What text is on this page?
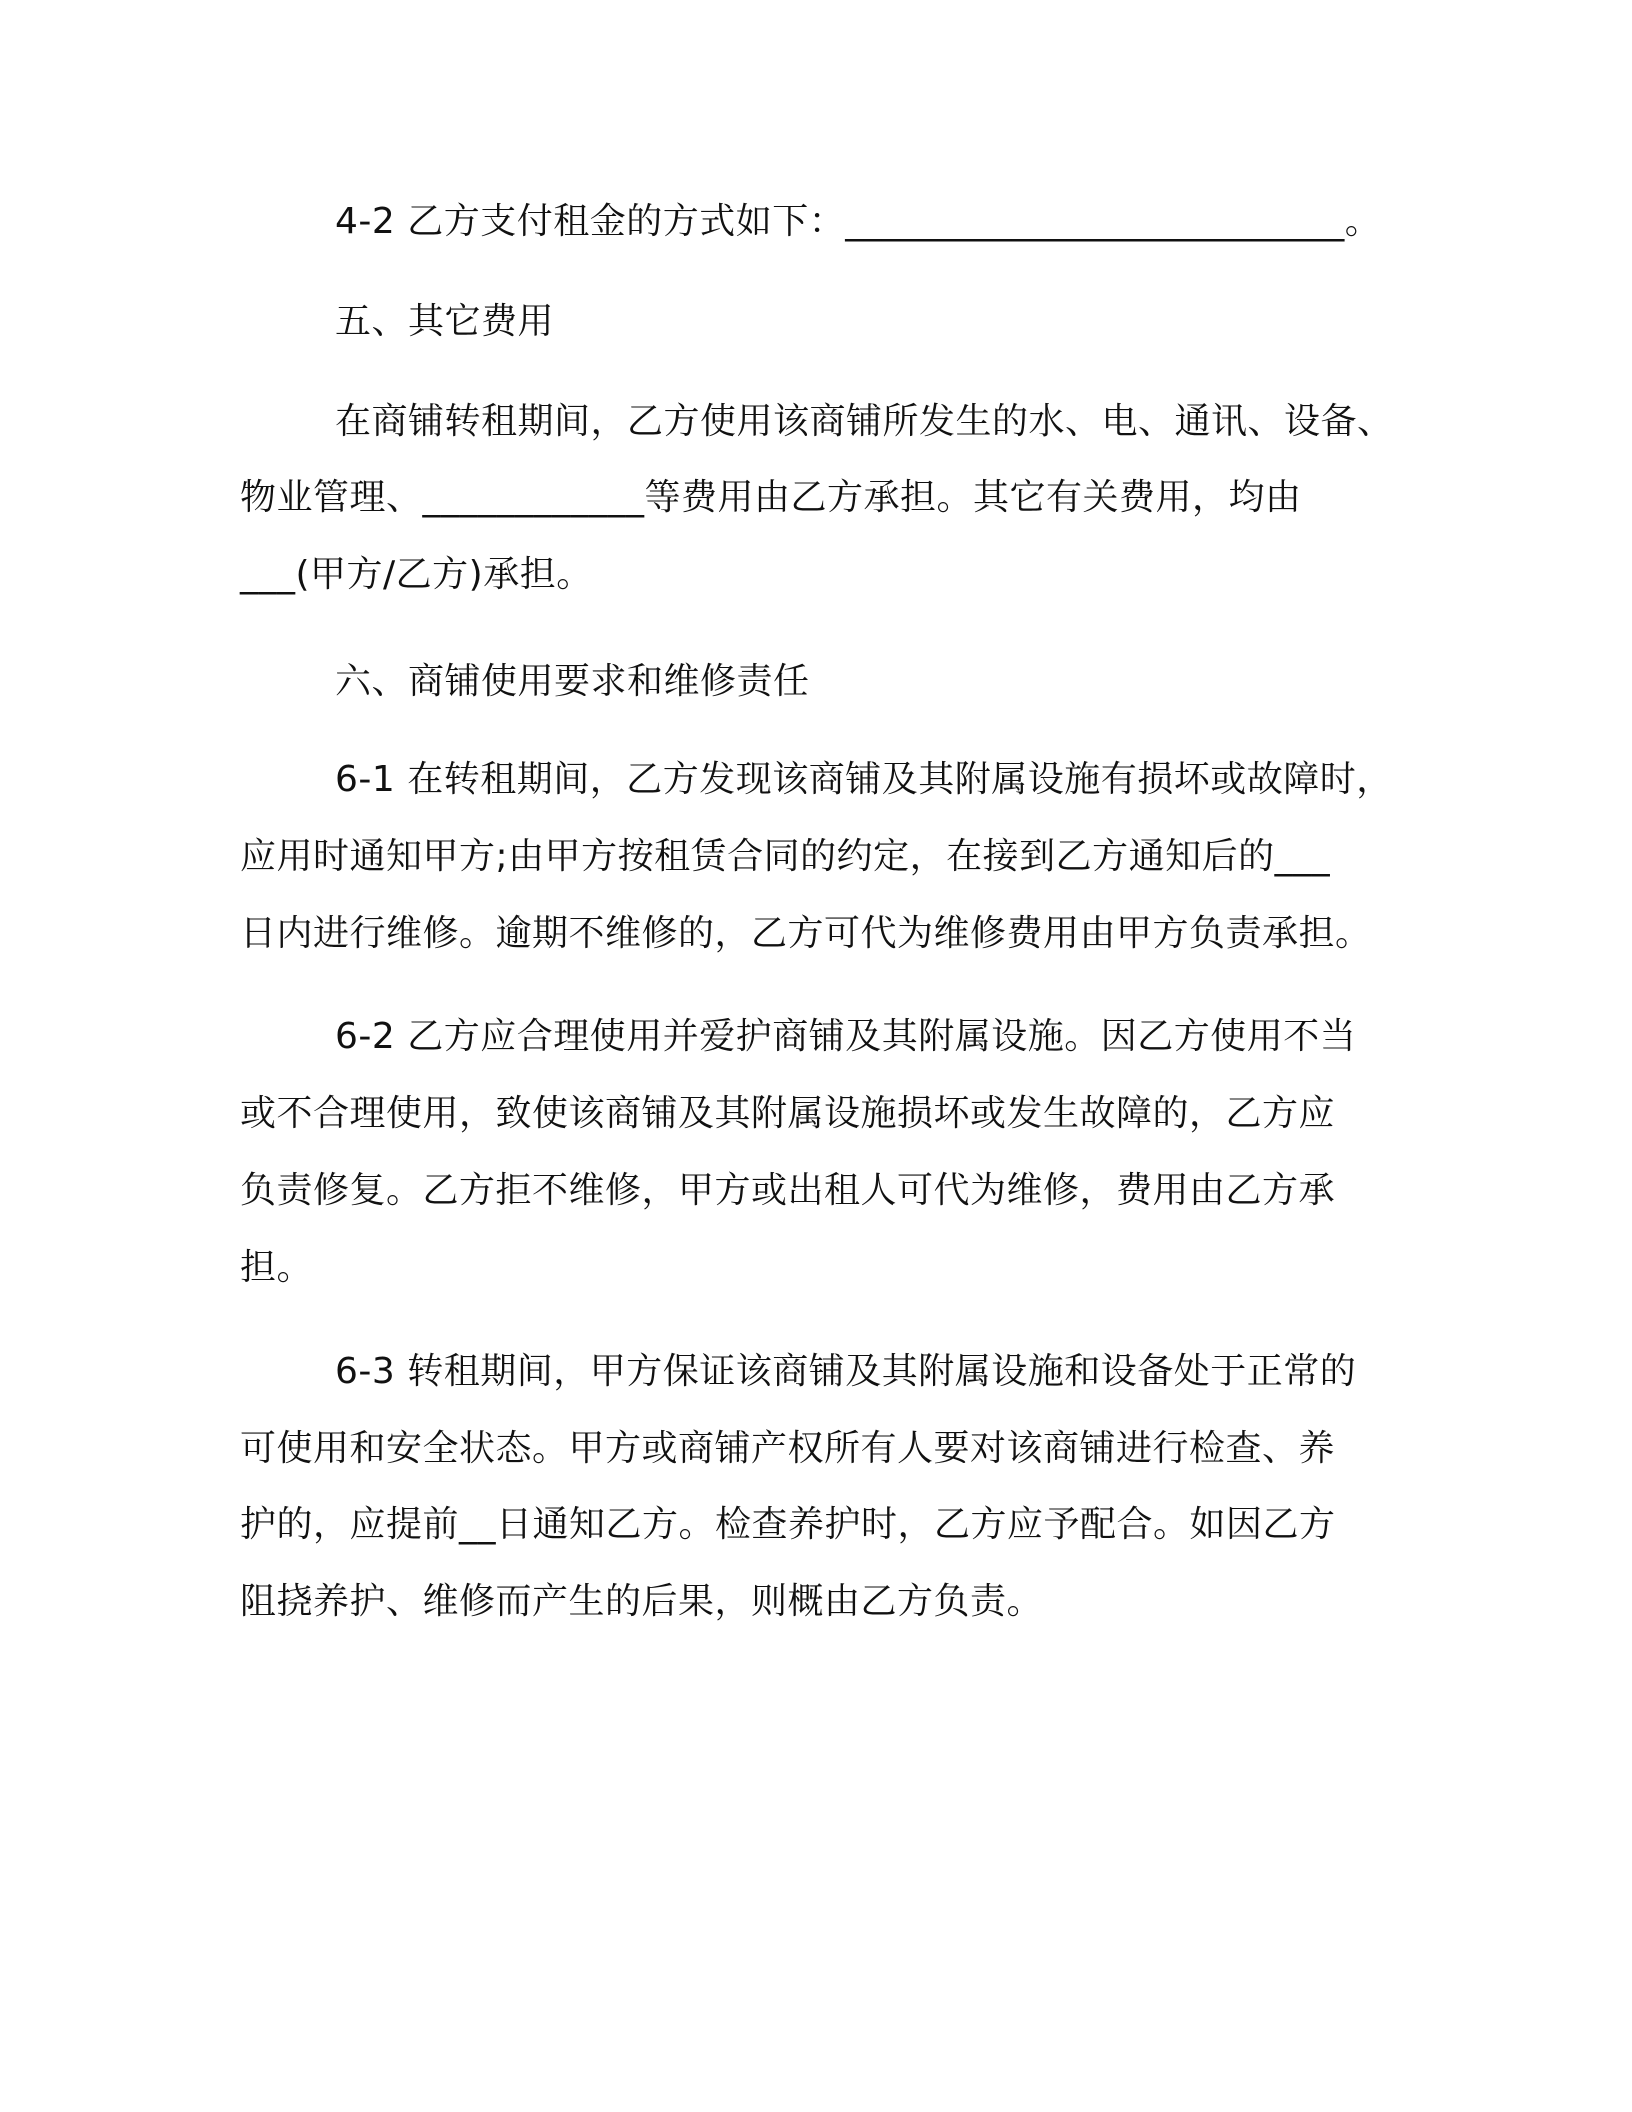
4-2 乙方支付租金的方式如下：___________________________。
五、其它费用
在商铺转租期间，乙方使用该商铺所发生的水、电、通讯、设备、
物业管理、____________等费用由乙方承担。其它有关费用，均由
___(甲方/乙方)承担。
六、商铺使用要求和维修责任
6-1 在转租期间，乙方发现该商铺及其附属设施有损坏或故障时，
应用时通知甲方;由甲方按租赁合同的约定，在接到乙方通知后的___
日内进行维修。逾期不维修的，乙方可代为维修费用由甲方负责承担。
6-2 乙方应合理使用并爱护商铺及其附属设施。因乙方使用不当
或不合理使用，致使该商铺及其附属设施损坏或发生故障的，乙方应
负责修复。乙方拒不维修，甲方或出租人可代为维修，费用由乙方承
担。
6-3 转租期间，甲方保证该商铺及其附属设施和设备处于正常的
可使用和安全状态。甲方或商铺产权所有人要对该商铺进行检查、养
护的，应提前__日通知乙方。检查养护时，乙方应予配合。如因乙方
阻挠养护、维修而产生的后果，则概由乙方负责。
